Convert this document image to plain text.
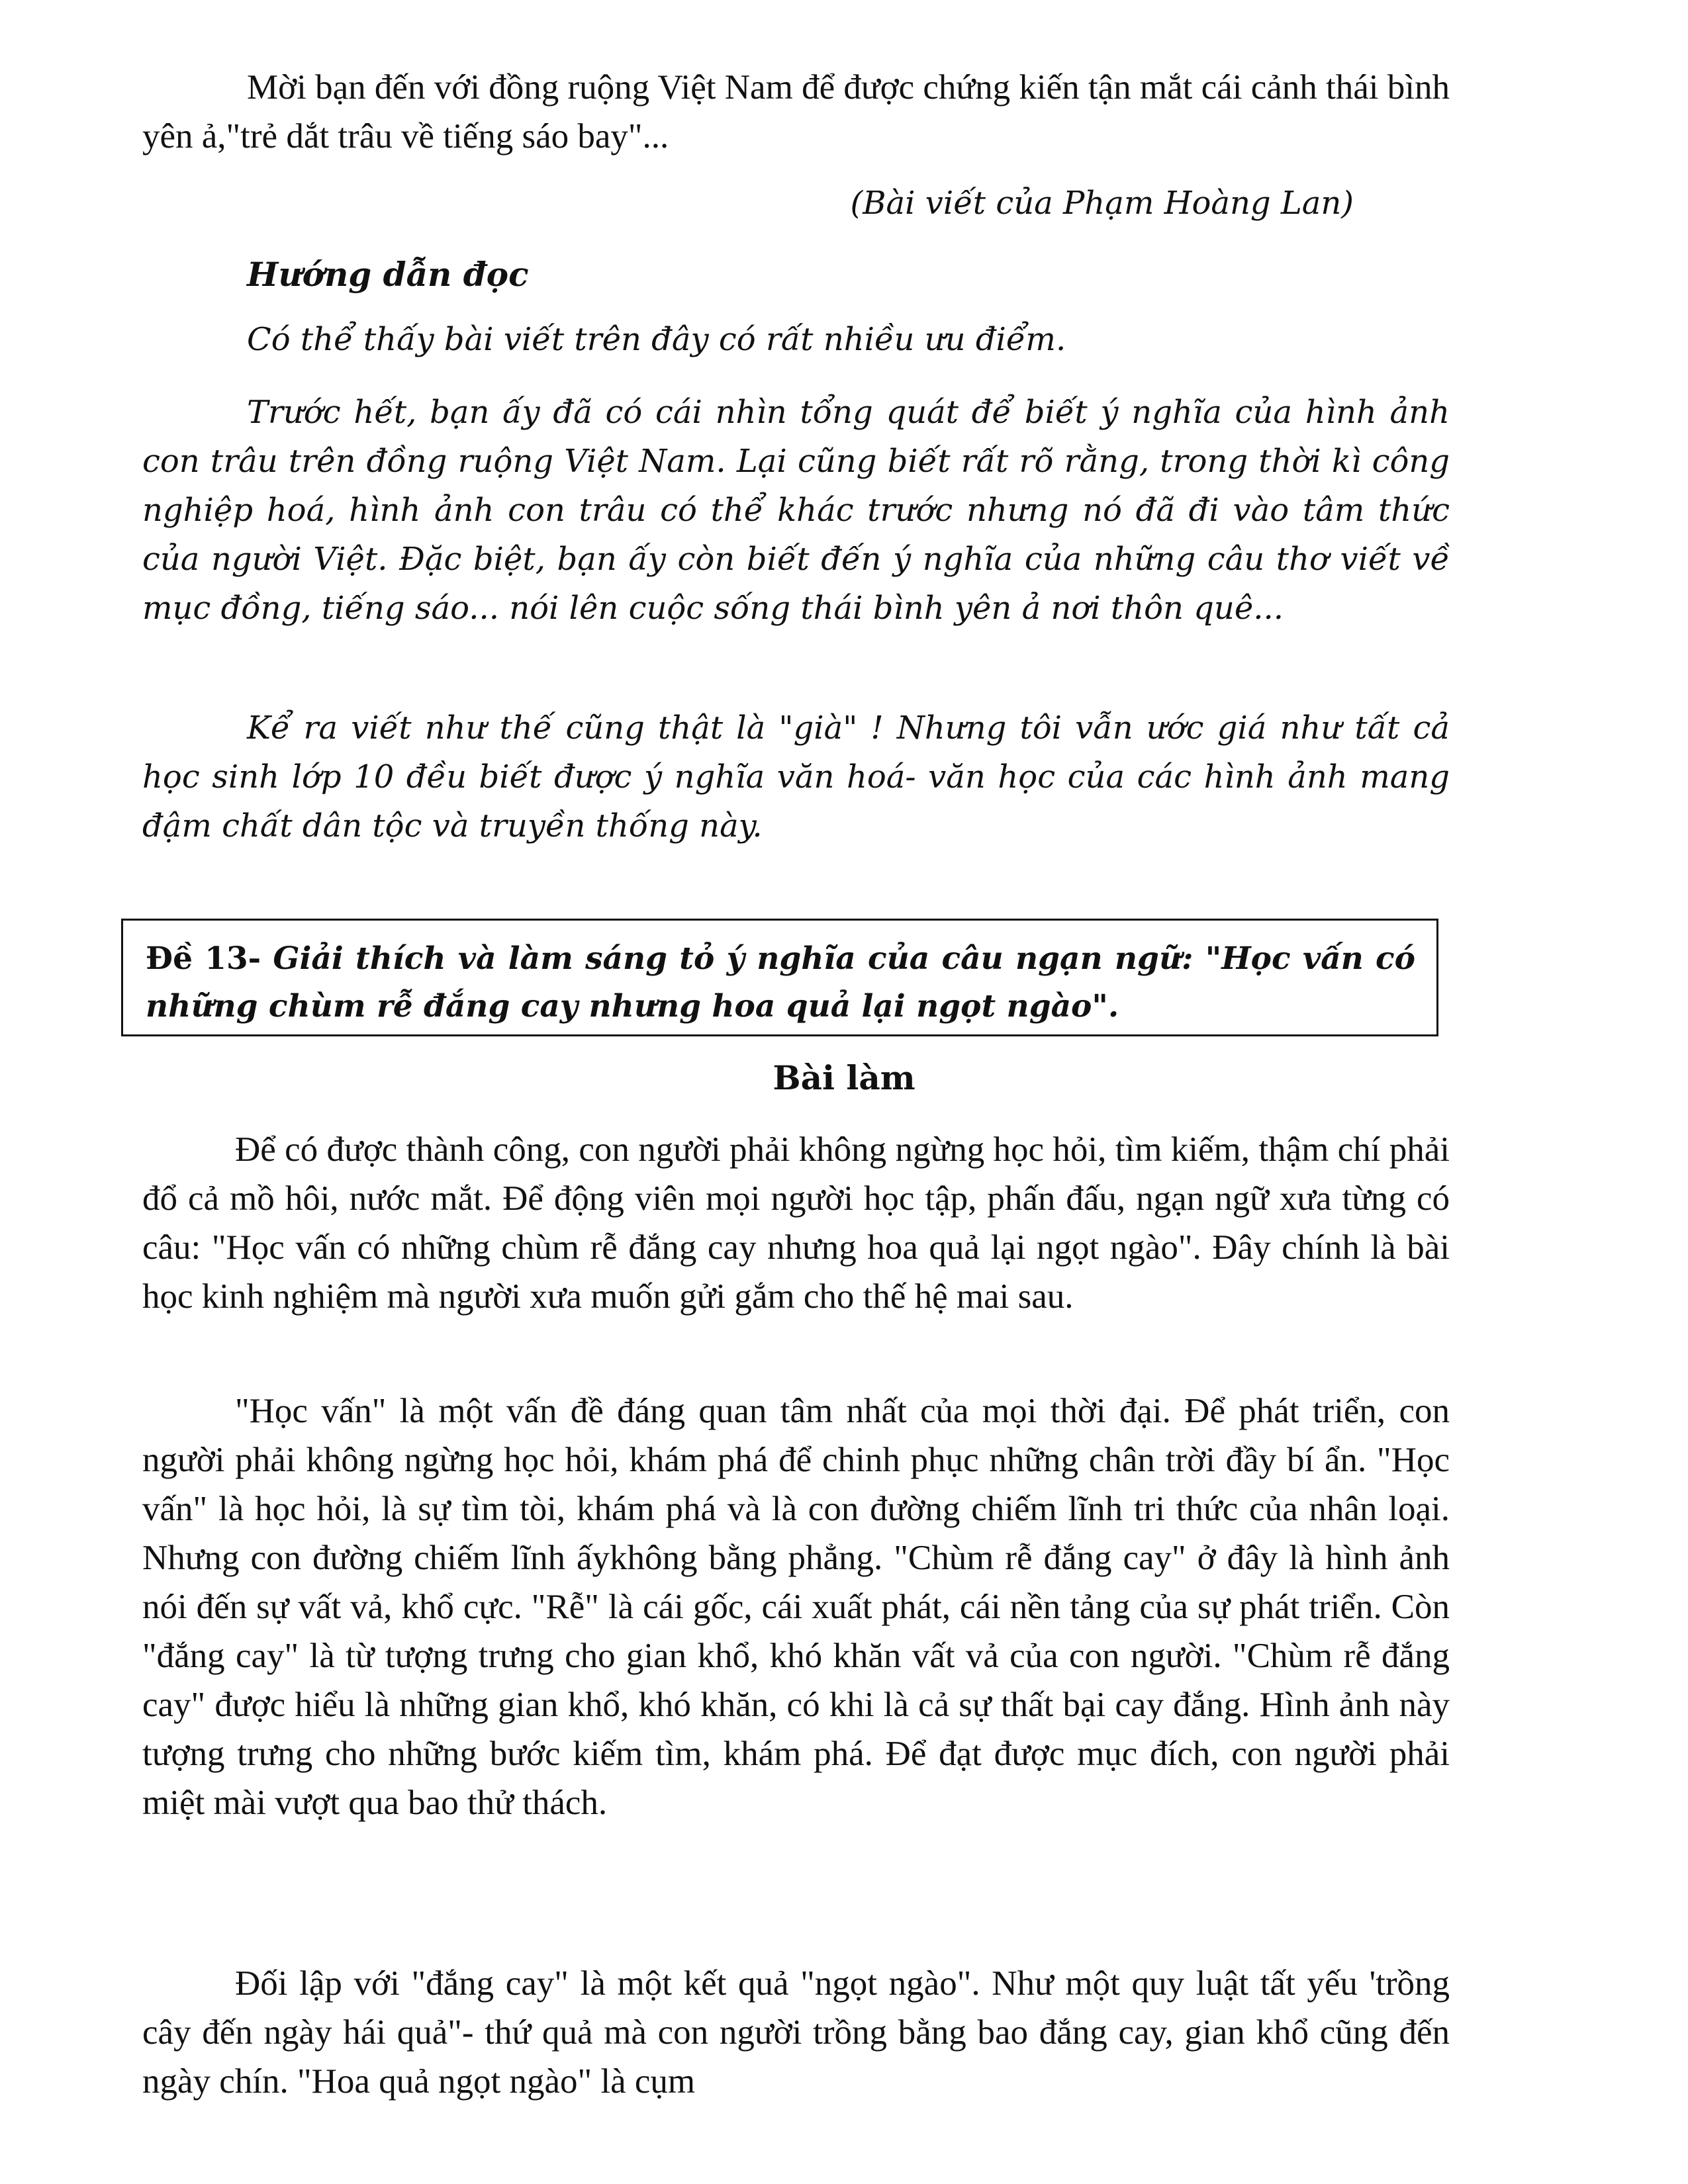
Mời bạn đến với đồng ruộng Việt Nam để được chứng kiến tận mắt cái cảnh thái bình yên ả,"trẻ dắt trâu về tiếng sáo bay"...

(Bài viết của Phạm Hoàng Lan)
Hướng dẫn đọc

Có thể thấy bài viết trên đây có rất nhiều ưu điểm.

Trước hết, bạn ấy đã có cái nhìn tổng quát để biết ý nghĩa của hình ảnh con trâu trên đồng ruộng Việt Nam. Lại cũng biết rất rõ rằng, trong thời kì công nghiệp hoá, hình ảnh con trâu có thể khác trước nhưng nó đã đi vào tâm thức của người Việt. Đặc biệt, bạn ấy còn biết đến ý nghĩa của những câu thơ viết về mục đồng, tiếng sáo... nói lên cuộc sống thái bình yên ả nơi thôn quê...

Kể ra viết như thế cũng thật là "già" ! Nhưng tôi vẫn ước giá như tất cả học sinh lớp 10 đều biết được ý nghĩa văn hoá- văn học của các hình ảnh mang đậm chất dân tộc và truyền thống này.

Đề 13- Giải thích và làm sáng tỏ ý nghĩa của câu ngạn ngữ: "Học vấn có những chùm rễ đắng cay nhưng hoa quả lại ngọt ngào".
Bài làm

Để có được thành công, con người phải không ngừng học hỏi, tìm kiếm, thậm chí phải đổ cả mồ hôi, nước mắt. Để động viên mọi người học tập, phấn đấu, ngạn ngữ xưa từng có câu: "Học vấn có những chùm rễ đắng cay nhưng hoa quả lại ngọt ngào". Đây chính là bài học kinh nghiệm mà người xưa muốn gửi gắm cho thế hệ mai sau.

"Học vấn" là một vấn đề đáng quan tâm nhất của mọi thời đại. Để phát triển, con người phải không ngừng học hỏi, khám phá để chinh phục những chân trời đầy bí ẩn. "Học vấn" là học hỏi, là sự tìm tòi, khám phá và là con đường chiếm lĩnh tri thức của nhân loại. Nhưng con đường chiếm lĩnh ấykhông bằng phẳng. "Chùm rễ đắng cay" ở đây là hình ảnh nói đến sự vất vả, khổ cực. "Rễ" là cái gốc, cái xuất phát, cái nền tảng của sự phát triển. Còn "đắng cay" là từ tượng trưng cho gian khổ, khó khăn vất vả của con người. "Chùm rễ đắng cay" được hiểu là những gian khổ, khó khăn, có khi là cả sự thất bại cay đắng. Hình ảnh này tượng trưng cho những bước kiếm tìm, khám phá. Để đạt được mục đích, con người phải miệt mài vượt qua bao thử thách.

Đối lập với "đắng cay" là một kết quả "ngọt ngào". Như một quy luật tất yếu 'trồng cây đến ngày hái quả"- thứ quả mà con người trồng bằng bao đắng cay, gian khổ cũng đến ngày chín. "Hoa quả ngọt ngào" là cụm
